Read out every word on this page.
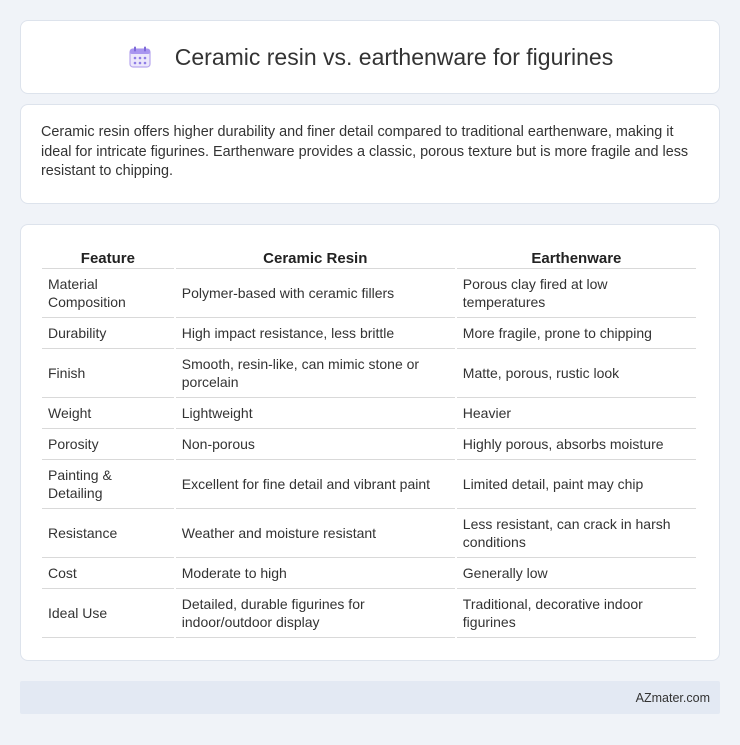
Ceramic resin vs. earthenware for figurines

Ceramic resin offers higher durability and finer detail compared to traditional earthenware, making it ideal for intricate figurines. Earthenware provides a classic, porous texture but is more fragile and less resistant to chipping.

Feature	Ceramic Resin	Earthenware
Material Composition	Polymer-based with ceramic fillers	Porous clay fired at low temperatures
Durability	High impact resistance, less brittle	More fragile, prone to chipping
Finish	Smooth, resin-like, can mimic stone or porcelain	Matte, porous, rustic look
Weight	Lightweight	Heavier
Porosity	Non-porous	Highly porous, absorbs moisture
Painting & Detailing	Excellent for fine detail and vibrant paint	Limited detail, paint may chip
Resistance	Weather and moisture resistant	Less resistant, can crack in harsh conditions
Cost	Moderate to high	Generally low
Ideal Use	Detailed, durable figurines for indoor/outdoor display	Traditional, decorative indoor figurines
AZmater.com
